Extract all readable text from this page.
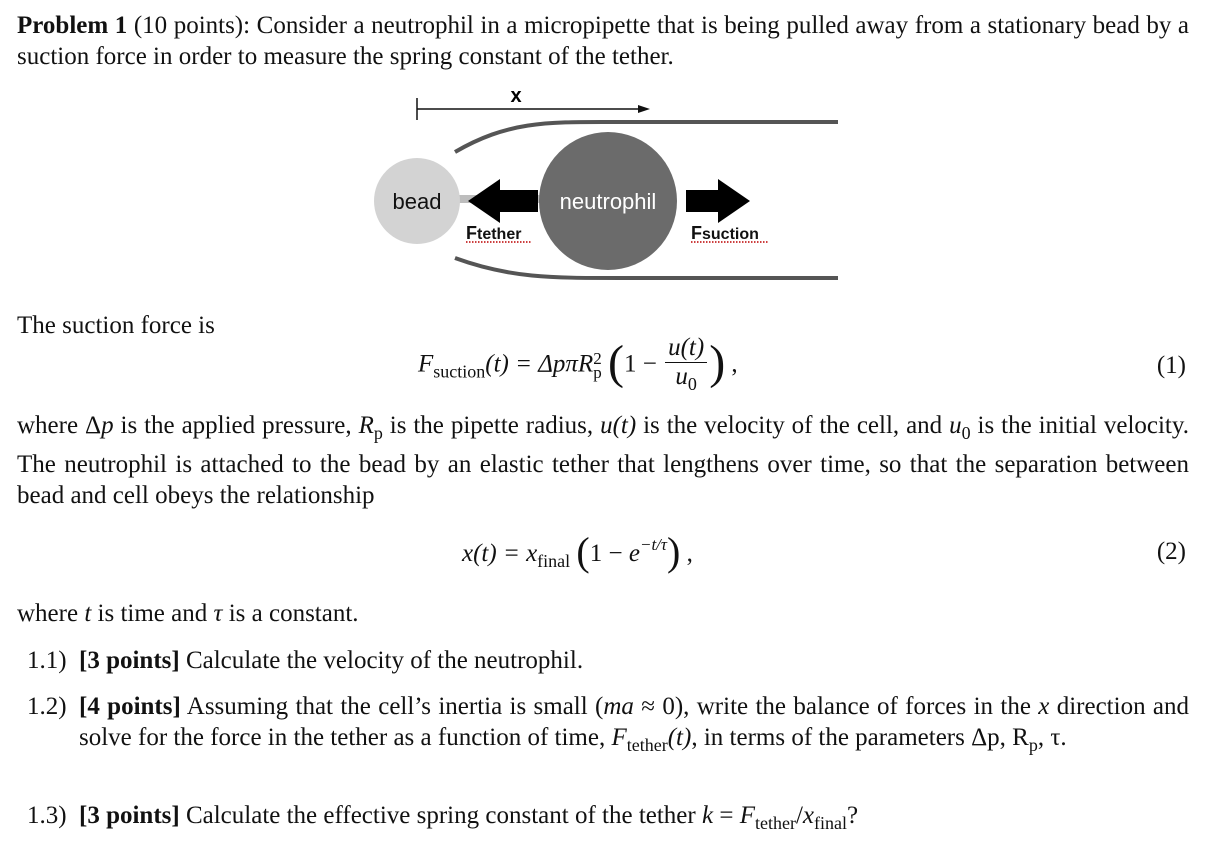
Problem 1 (10 points): Consider a neutrophil in a micropipette that is being pulled away from a stationary bead by a suction force in order to measure the spring constant of the tether.

x
bead	neutrophil
Ftether	Fsuction

The suction force is

$F_{suction}(t) = \Delta p\pi R$ 2
p ($1 - \frac{u(t)}{u_0}$ ) ,	(1)

where Δp is the applied pressure, $R_p$ is the pipette radius, u(t) is the velocity of the cell, and $u_0$ is the initial velocity. The neutrophil is attached to the bead by an elastic tether that lengthens over time, so that the separation between bead and cell obeys the relationship

$x(t) = x_{final}$ $(1 - e^{-t/\tau})$ ,	(2)

where t is time and τ is a constant.

1.1) [3 points] Calculate the velocity of the neutrophil.
1.2) [4 points] Assuming that the cell’s inertia is small (ma ≈ 0), write the balance of forces in the x direction and solve for the force in the tether as a function of time, $F_{tether}(t)$, in terms of the parameters Δp, $R_p$, τ.
1.3) [3 points] Calculate the effective spring constant of the tether $k = F_{tether}/x_{final}$?
